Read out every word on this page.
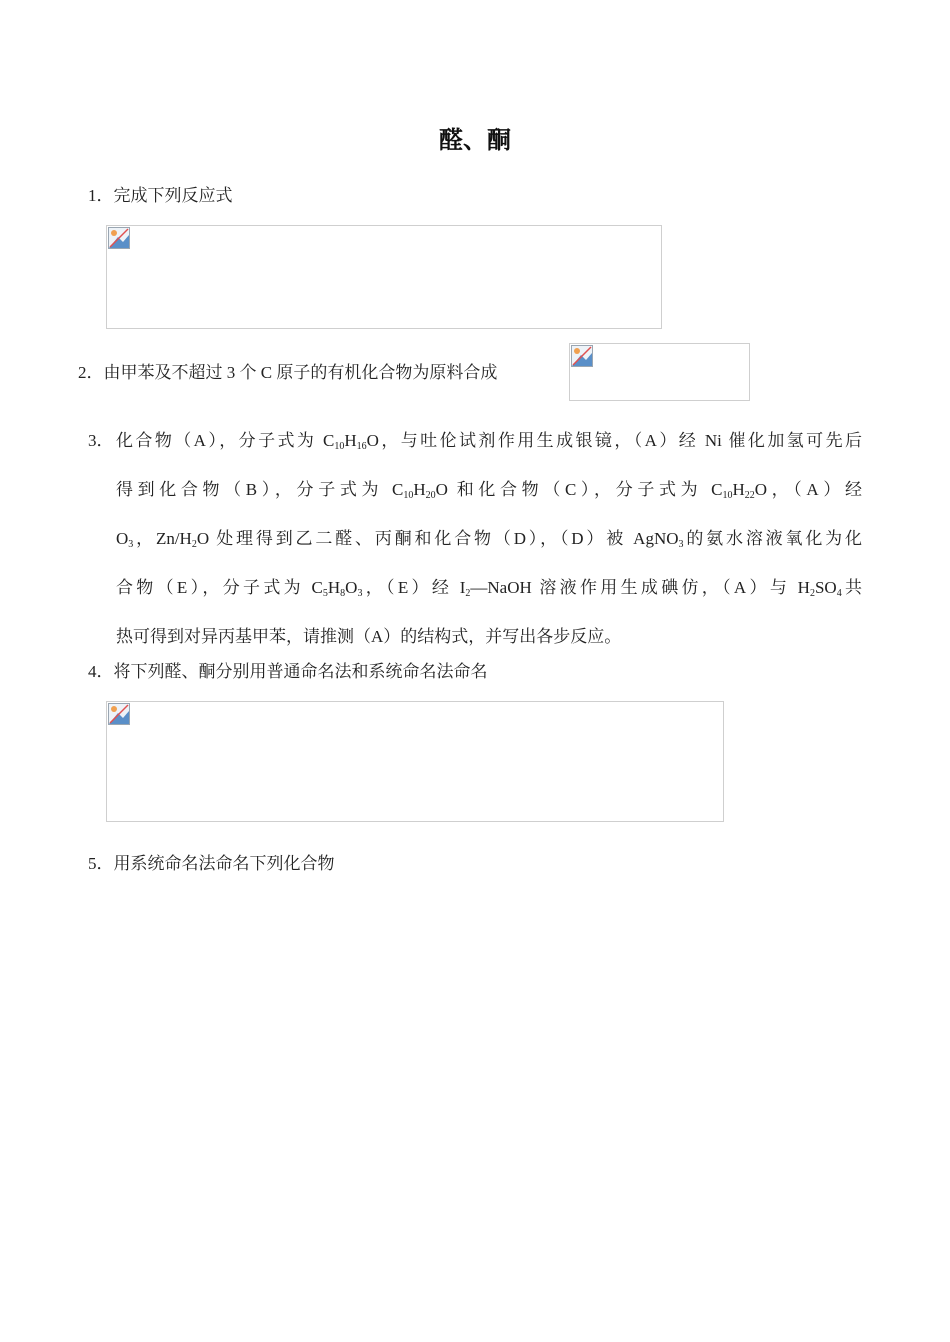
醛、酮
1．完成下列反应式
2．由甲苯及不超过 3 个 C 原子的有机化合物为原料合成
3． 化合物（A），分子式为 $C_{10}H_{16}O$，与吐伦试剂作用生成银镜，（A）经 Ni 催化加氢可先后
得到化合物（B），分子式为 $C_{10}H_{20}O$ 和化合物（C），分子式为 $C_{10}H_{22}O$，（A）经
$O_3$，$Zn/H_2O$ 处理得到乙二醛、丙酮和化合物（D），（D）被 AgNO$_3$的氨水溶液氧化为化
合物（E），分子式为 $C_5H_8O_3$，（E）经 $I_2—NaOH$ 溶液作用生成碘仿，（A）与 $H_2SO_4$共
热可得到对异丙基甲苯，请推测（A）的结构式，并写出各步反应。
4．将下列醛、酮分别用普通命名法和系统命名法命名
5．用系统命名法命名下列化合物
